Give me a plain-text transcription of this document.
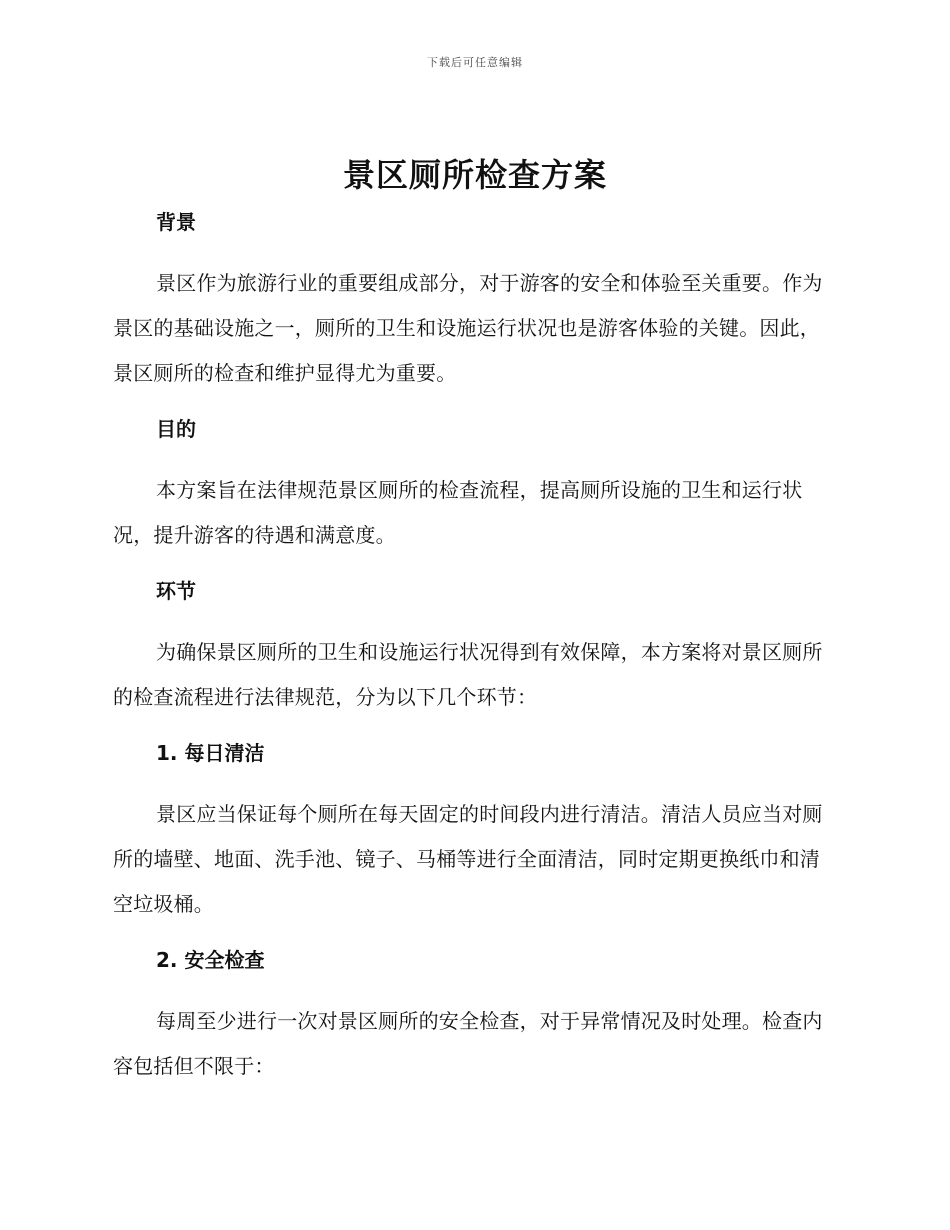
下载后可任意编辑
景区厕所检查方案
背景

景区作为旅游行业的重要组成部分，对于游客的安全和体验至关重要。作为景区的基础设施之一，厕所的卫生和设施运行状况也是游客体验的关键。因此，景区厕所的检查和维护显得尤为重要。

目的

本方案旨在法律规范景区厕所的检查流程，提高厕所设施的卫生和运行状况，提升游客的待遇和满意度。

环节

为确保景区厕所的卫生和设施运行状况得到有效保障，本方案将对景区厕所的检查流程进行法律规范，分为以下几个环节：

1. 每日清洁

景区应当保证每个厕所在每天固定的时间段内进行清洁。清洁人员应当对厕所的墙壁、地面、洗手池、镜子、马桶等进行全面清洁，同时定期更换纸巾和清空垃圾桶。

2. 安全检查

每周至少进行一次对景区厕所的安全检查，对于异常情况及时处理。检查内容包括但不限于：
